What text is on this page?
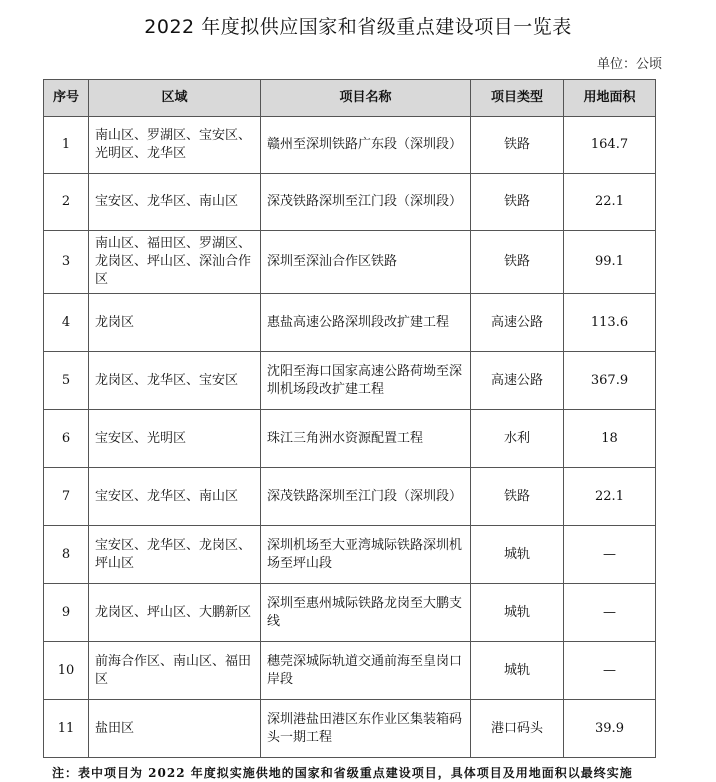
2022 年度拟供应国家和省级重点建设项目一览表
单位：公顷
序号	区域	项目名称	项目类型	用地面积
1	南山区、罗湖区、宝安区、光明区、龙华区	赣州至深圳铁路广东段（深圳段）	铁路	164.7
2	宝安区、龙华区、南山区	深茂铁路深圳至江门段（深圳段）	铁路	22.1
3	南山区、福田区、罗湖区、龙岗区、坪山区、深汕合作区	深圳至深汕合作区铁路	铁路	99.1
4	龙岗区	惠盐高速公路深圳段改扩建工程	高速公路	113.6
5	龙岗区、龙华区、宝安区	沈阳至海口国家高速公路荷坳至深圳机场段改扩建工程	高速公路	367.9
6	宝安区、光明区	珠江三角洲水资源配置工程	水利	18
7	宝安区、龙华区、南山区	深茂铁路深圳至江门段（深圳段）	铁路	22.1
8	宝安区、龙华区、龙岗区、坪山区	深圳机场至大亚湾城际铁路深圳机场至坪山段	城轨	—
9	龙岗区、坪山区、大鹏新区	深圳至惠州城际铁路龙岗至大鹏支线	城轨	—
10	前海合作区、南山区、福田区	穗莞深城际轨道交通前海至皇岗口岸段	城轨	—
11	盐田区	深圳港盐田港区东作业区集装箱码头一期工程	港口码头	39.9
注：表中项目为 2022 年度拟实施供地的国家和省级重点建设项目，具体项目及用地面积以最终实施
